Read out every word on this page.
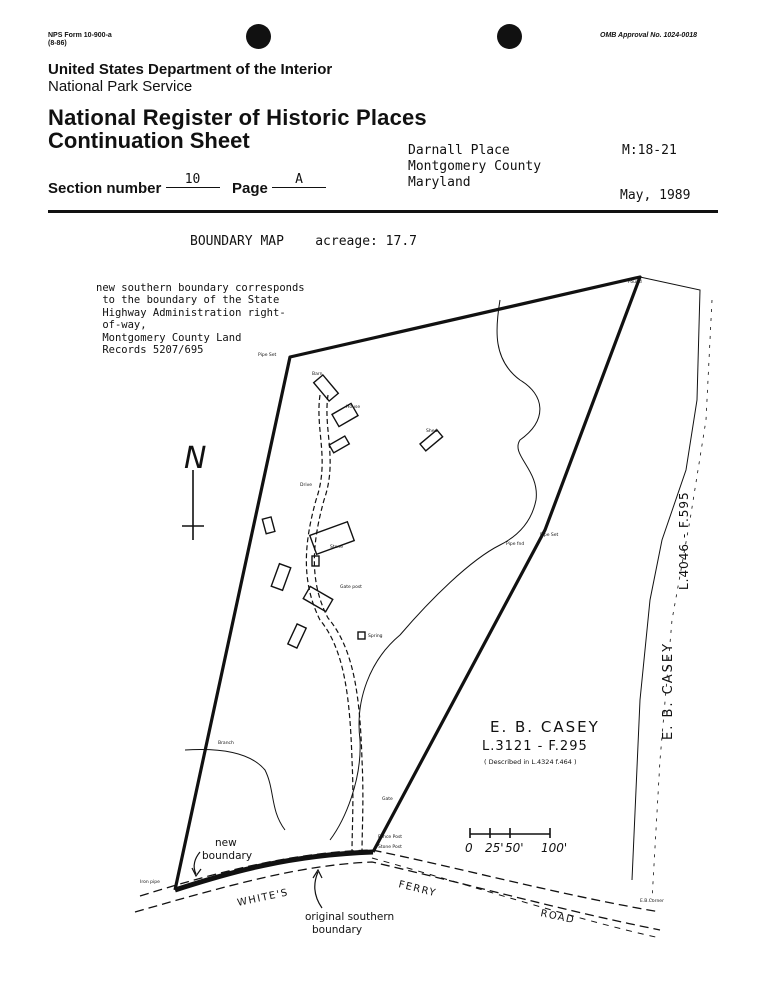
NPS Form 10-900-a
(8-86)
OMB Approval No. 1024-0018
United States Department of the Interior
National Park Service
National Register of Historic Places
Continuation Sheet
Section number 10   Page A
Darnall Place
Montgomery County
Maryland
M:18-21
May, 1989
BOUNDARY MAP acreage: 17.7
new southern boundary corresponds
to the boundary of the State
Highway Administration right-
of-way,
Montgomery County Land
Records 5207/695
N
0 25' 50' 100'
E. B. CASEY
L.3121 - F.295
( Described in L.4324 f.464 )
E. B. CASEY
L.4046 - F.595
WHITE'S	FERRY
ROAD
Pipe Set
Barn
House
Shed
Stone
Spring
Pipe Set
Gate
Drive
Branch
Fence Post
Stone Post
Iron pipe
Found
Pipe fnd
Gate post
E.B.Corner
new
boundary
original southern
boundary
